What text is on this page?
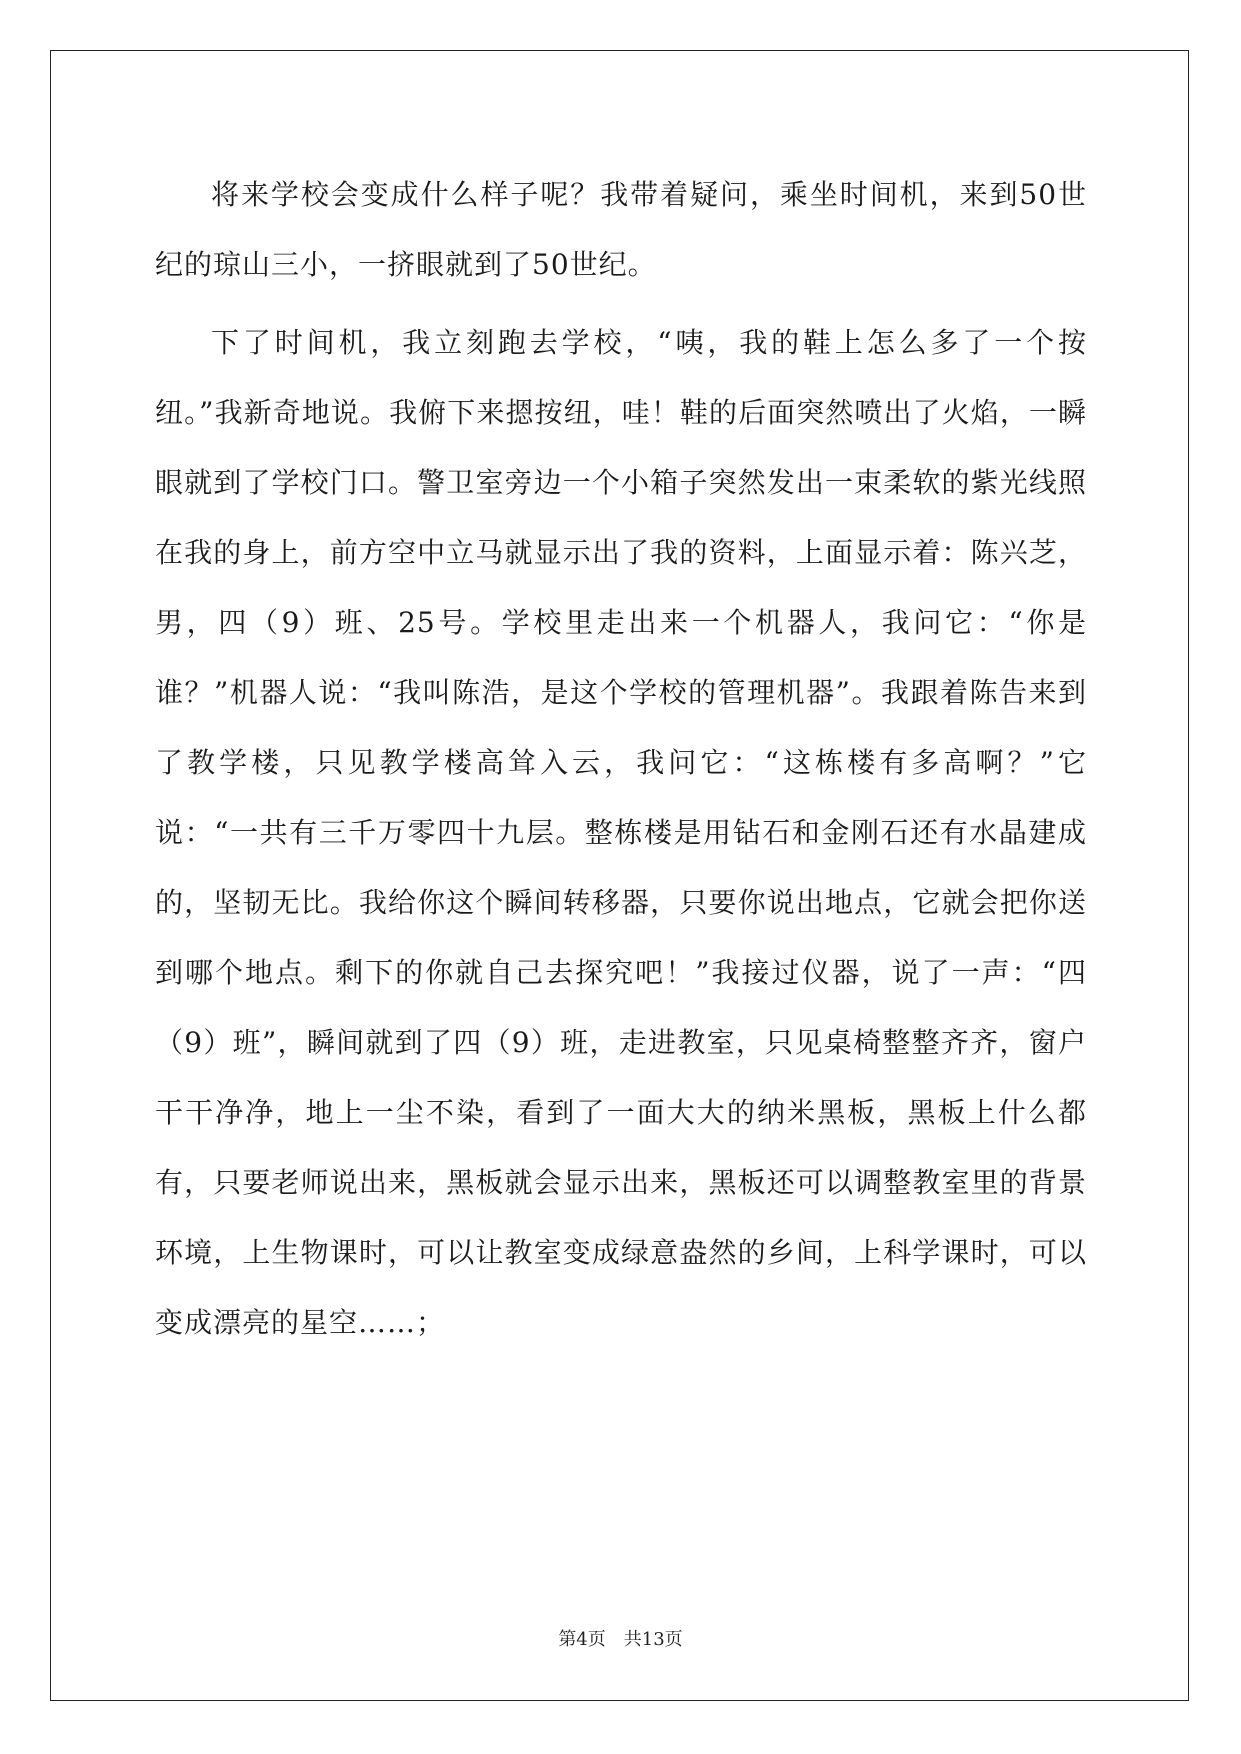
将来学校会变成什么样子呢？我带着疑问，乘坐时间机，来到50世纪的琼山三小，一挤眼就到了50世纪。

下了时间机，我立刻跑去学校，“咦，我的鞋上怎么多了一个按纽。”我新奇地说。我俯下来摁按纽，哇！鞋的后面突然喷出了火焰，一瞬眼就到了学校门口。警卫室旁边一个小箱子突然发出一束柔软的紫光线照在我的身上，前方空中立马就显示出了我的资料，上面显示着：陈兴芝，男，四（9）班、25号。学校里走出来一个机器人，我问它：“你是谁？”机器人说：“我叫陈浩，是这个学校的管理机器”。我跟着陈告来到了教学楼，只见教学楼高耸入云，我问它：“这栋楼有多高啊？”它说：“一共有三千万零四十九层。整栋楼是用钻石和金刚石还有水晶建成的，坚韧无比。我给你这个瞬间转移器，只要你说出地点，它就会把你送到哪个地点。剩下的你就自己去探究吧！”我接过仪器，说了一声：“四（9）班”，瞬间就到了四（9）班，走进教室，只见桌椅整整齐齐，窗户干干净净，地上一尘不染，看到了一面大大的纳米黑板，黑板上什么都有，只要老师说出来，黑板就会显示出来，黑板还可以调整教室里的背景环境，上生物课时，可以让教室变成绿意盎然的乡间，上科学课时，可以变成漂亮的星空……；

第4页　共13页
